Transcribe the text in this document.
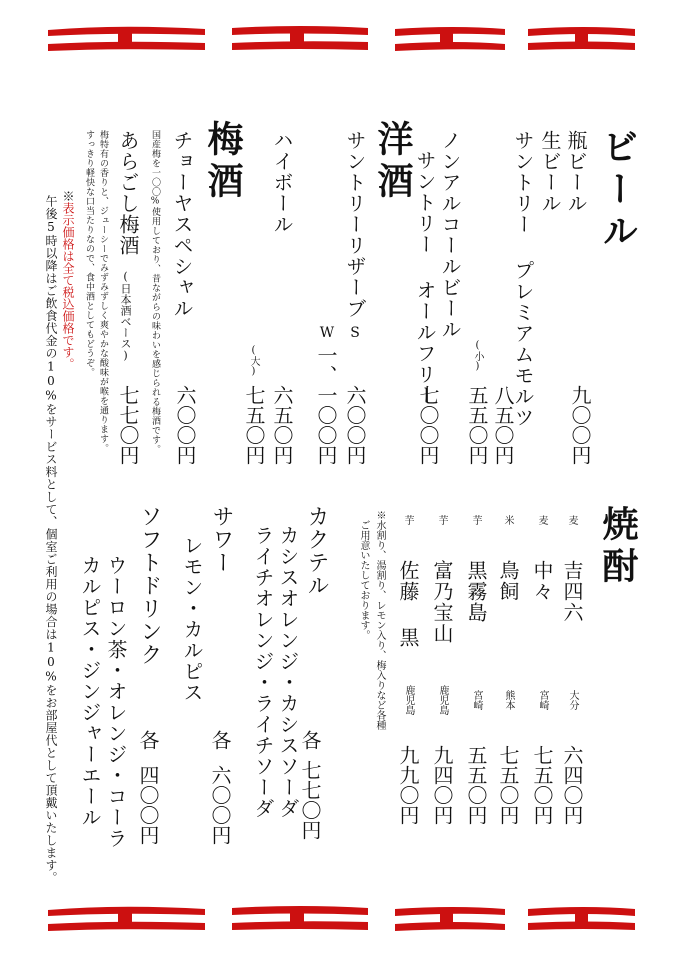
ビール
瓶ビール
生ビール
サントリー プレミアムモルツ 九〇〇円
八五〇円
(小)
五五〇円
ノンアルコールビール
サントリー オールフリー
七〇〇円
洋酒
サントリーリザーブ
S
W
六〇〇円
一、一〇〇円
ハイボール
六五〇円
(大)
七五〇円
梅酒
チョーヤスペシャル
国産梅を一〇〇%使用しており、昔ながらの味わいを感じられる梅酒です。 六〇〇円
あらごし梅酒
(日本酒ベース)
七七〇円
梅特有の香りと、ジューシーでみずみずしく爽やかな酸味が喉を通ります。
すっきり軽快な口当たりなので、食中酒としてもどうぞ。
※表示価格は全て税込価格です。
午後5時以降はご飲食代金の10%をサービス料として、個室ご利用の場合は10%をお部屋代として頂戴いたします。	焼酎
麦
吉四六
大分
六四〇円
麦
中々
宮崎
七五〇円
米
鳥飼
熊本
七五〇円
芋
黒霧島
宮崎
五五〇円
芋
富乃宝山
鹿児島
九四〇円
芋
佐藤 黒
鹿児島
九九〇円
※水割り、湯割り、レモン入り、梅入りなど各種
ご用意いたしております。
カクテル
カシスオレンジ・カシスソーダ
ライチオレンジ・ライチソーダ 各
七七〇円
サワー
レモン・カルピス
各
六〇〇円
ソフトドリンク
ウーロン茶・オレンジ・コーラ
カルピス・ジンジャーエール 各
四〇〇円
